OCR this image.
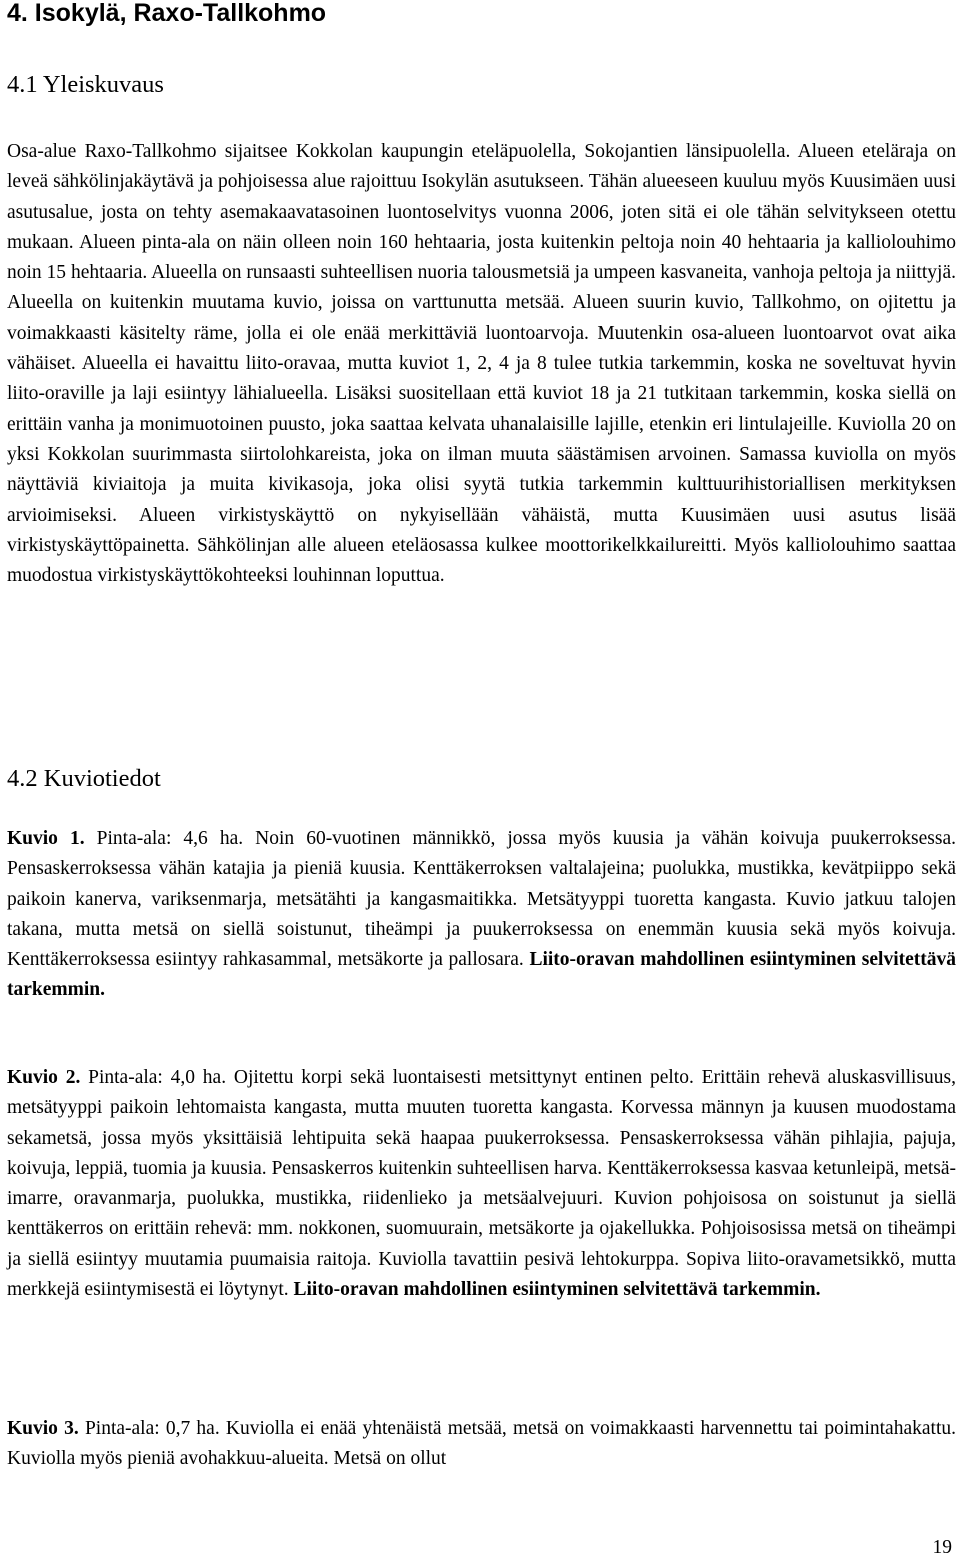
4. Isokylä, Raxo-Tallkohmo
4.1 Yleiskuvaus

Osa-alue Raxo-Tallkohmo sijaitsee Kokkolan kaupungin eteläpuolella, Sokojantien länsipuolella. Alueen eteläraja on leveä sähkölinjakäytävä ja pohjoisessa alue rajoittuu Isokylän asutukseen. Tähän alueeseen kuuluu myös Kuusimäen uusi asutusalue, josta on tehty asemakaavatasoinen luontoselvitys vuonna 2006, joten sitä ei ole tähän selvitykseen otettu mukaan. Alueen pinta-ala on näin olleen noin 160 hehtaaria, josta kuitenkin peltoja noin 40 hehtaaria ja kalliolouhimo noin 15 hehtaaria. Alueella on runsaasti suhteellisen nuoria talousmetsiä ja umpeen kasvaneita, vanhoja peltoja ja niittyjä. Alueella on kuitenkin muutama kuvio, joissa on varttunutta metsää. Alueen suurin kuvio, Tallkohmo, on ojitettu ja voimakkaasti käsitelty räme, jolla ei ole enää merkittäviä luontoarvoja. Muutenkin osa-alueen luontoarvot ovat aika vähäiset. Alueella ei havaittu liito-oravaa, mutta kuviot 1, 2, 4 ja 8 tulee tutkia tarkemmin, koska ne soveltuvat hyvin liito-oraville ja laji esiintyy lähialueella. Lisäksi suositellaan että kuviot 18 ja 21 tutkitaan tarkemmin, koska siellä on erittäin vanha ja monimuotoinen puusto, joka saattaa kelvata uhanalaisille lajille, etenkin eri lintulajeille. Kuviolla 20 on yksi Kokkolan suurimmasta siirtolohkareista, joka on ilman muuta säästämisen arvoinen. Samassa kuviolla on myös näyttäviä kiviaitoja ja muita kivikasoja, joka olisi syytä tutkia tarkemmin kulttuurihistoriallisen merkityksen arvioimiseksi. Alueen virkistyskäyttö on nykyisellään vähäistä, mutta Kuusimäen uusi asutus lisää virkistyskäyttöpainetta. Sähkölinjan alle alueen eteläosassa kulkee moottorikelkkailureitti. Myös kalliolouhimo saattaa muodostua virkistyskäyttökohteeksi louhinnan loputtua.

4.2 Kuviotiedot

Kuvio 1. Pinta-ala: 4,6 ha. Noin 60-vuotinen männikkö, jossa myös kuusia ja vähän koivuja puukerroksessa. Pensaskerroksessa vähän katajia ja pieniä kuusia. Kenttäkerroksen valtalajeina; puolukka, mustikka, kevätpiippo sekä paikoin kanerva, variksenmarja, metsätähti ja kangasmaitikka. Metsätyyppi tuoretta kangasta. Kuvio jatkuu talojen takana, mutta metsä on siellä soistunut, tiheämpi ja puukerroksessa on enemmän kuusia sekä myös koivuja. Kenttäkerroksessa esiintyy rahkasammal, metsäkorte ja pallosara. Liito-oravan mahdollinen esiintyminen selvitettävä tarkemmin.

Kuvio 2. Pinta-ala: 4,0 ha. Ojitettu korpi sekä luontaisesti metsittynyt entinen pelto. Erittäin rehevä aluskasvillisuus, metsätyyppi paikoin lehtomaista kangasta, mutta muuten tuoretta kangasta. Korvessa männyn ja kuusen muodostama sekametsä, jossa myös yksittäisiä lehtipuita sekä haapaa puukerroksessa. Pensaskerroksessa vähän pihlajia, pajuja, koivuja, leppiä, tuomia ja kuusia. Pensaskerros kuitenkin suhteellisen harva. Kenttäkerroksessa kasvaa ketunleipä, metsä-imarre, oravanmarja, puolukka, mustikka, riidenlieko ja metsäalvejuuri. Kuvion pohjoisosa on soistunut ja siellä kenttäkerros on erittäin rehevä: mm. nokkonen, suomuurain, metsäkorte ja ojakellukka. Pohjoisosissa metsä on tiheämpi ja siellä esiintyy muutamia puumaisia raitoja. Kuviolla tavattiin pesivä lehtokurppa. Sopiva liito-oravametsikkö, mutta merkkejä esiintymisestä ei löytynyt. Liito-oravan mahdollinen esiintyminen selvitettävä tarkemmin.

Kuvio 3. Pinta-ala: 0,7 ha. Kuviolla ei enää yhtenäistä metsää, metsä on voimakkaasti harvennettu tai poimintahakattu. Kuviolla myös pieniä avohakkuu-alueita. Metsä on ollut

19
